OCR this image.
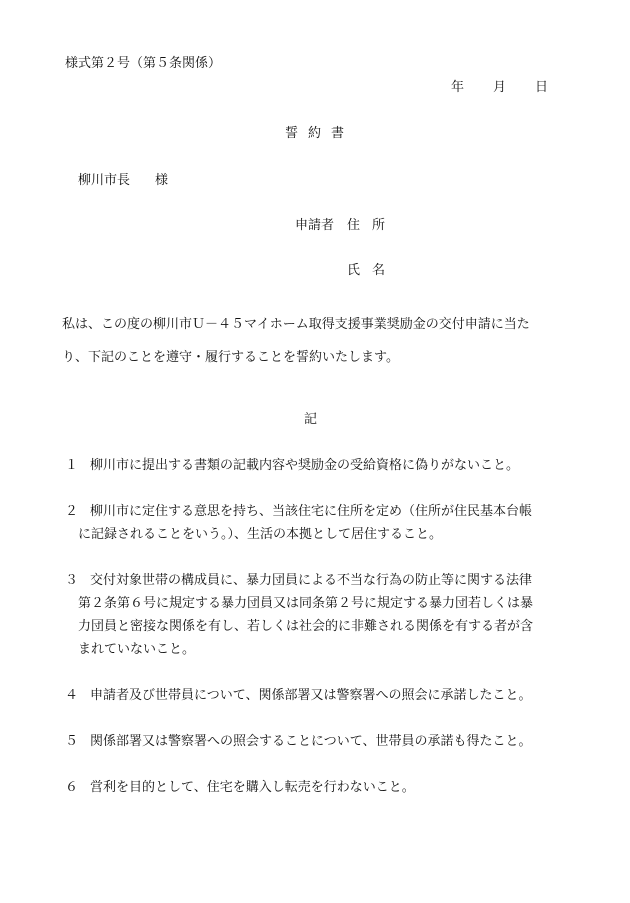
様式第２号（第５条関係）
年 月 日
誓約書
柳川市長 様
申請者 住所
氏名
私は、この度の柳川市Ｕ－４５マイホーム取得支援事業奨励金の交付申請に当た
り、下記のことを遵守・履行することを誓約いたします。
記
１ 柳川市に提出する書類の記載内容や奨励金の受給資格に偽りがないこと。
２ 柳川市に定住する意思を持ち、当該住宅に住所を定め（住所が住民基本台帳
に記録されることをいう。）、生活の本拠として居住すること。
３ 交付対象世帯の構成員に、暴力団員による不当な行為の防止等に関する法律
第２条第６号に規定する暴力団員又は同条第２号に規定する暴力団若しくは暴
力団員と密接な関係を有し、若しくは社会的に非難される関係を有する者が含
まれていないこと。
４ 申請者及び世帯員について、関係部署又は警察署への照会に承諾したこと。
５ 関係部署又は警察署への照会することについて、世帯員の承諾も得たこと。
６ 営利を目的として、住宅を購入し転売を行わないこと。
